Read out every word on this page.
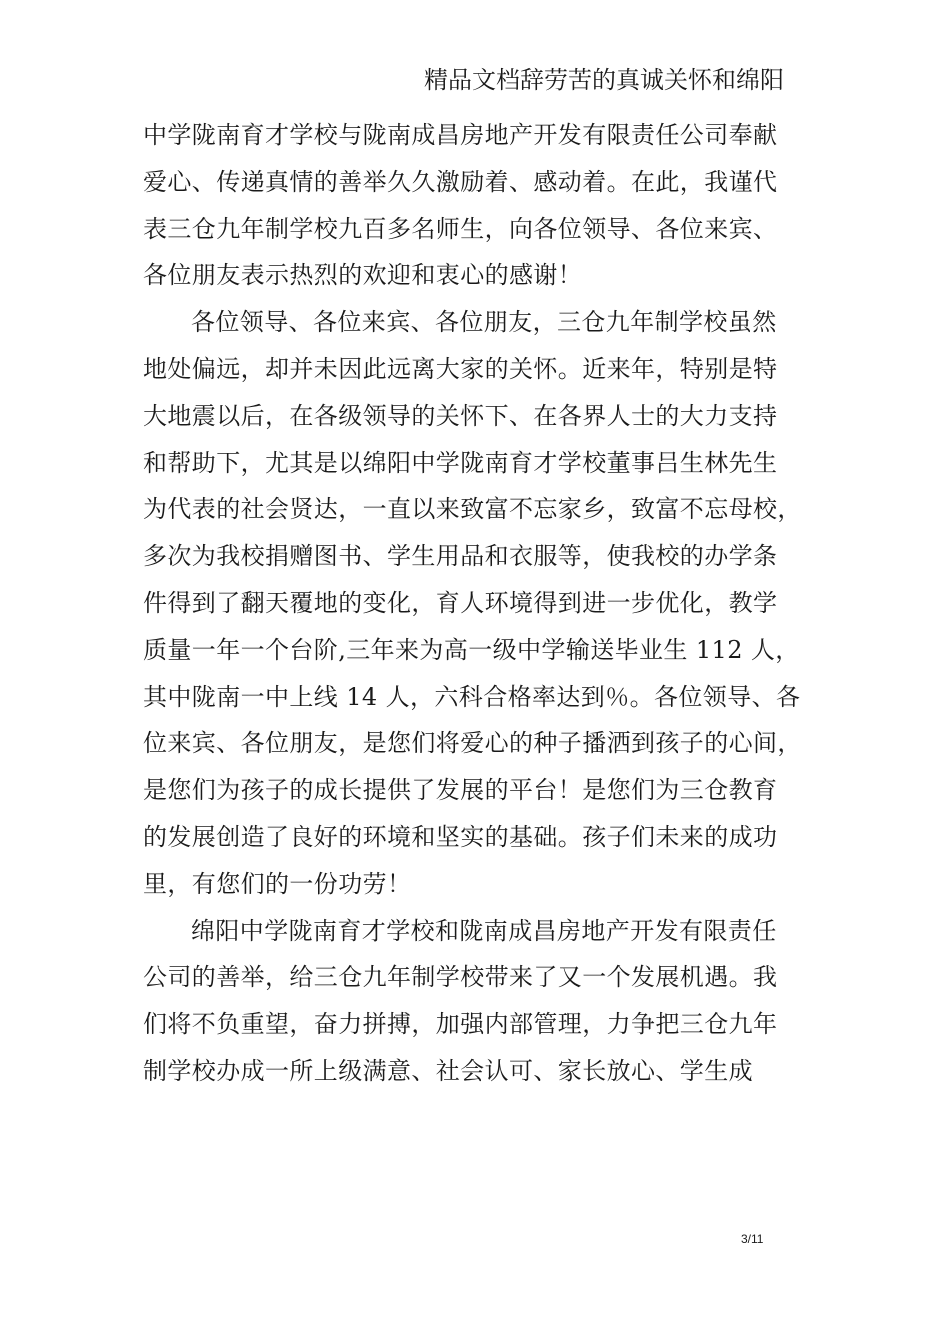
精品文档辞劳苦的真诚关怀和绵阳
中学陇南育才学校与陇南成昌房地产开发有限责任公司奉献
爱心、传递真情的善举久久激励着、感动着。在此，我谨代
表三仓九年制学校九百多名师生，向各位领导、各位来宾、
各位朋友表示热烈的欢迎和衷心的感谢！
各位领导、各位来宾、各位朋友，三仓九年制学校虽然
地处偏远，却并未因此远离大家的关怀。近来年，特别是特
大地震以后，在各级领导的关怀下、在各界人士的大力支持
和帮助下，尤其是以绵阳中学陇南育才学校董事吕生林先生
为代表的社会贤达，一直以来致富不忘家乡，致富不忘母校，
多次为我校捐赠图书、学生用品和衣服等，使我校的办学条
件得到了翻天覆地的变化，育人环境得到进一步优化，教学
质量一年一个台阶,三年来为高一级中学输送毕业生 112 人，
其中陇南一中上线 14 人，六科合格率达到％。各位领导、各
位来宾、各位朋友，是您们将爱心的种子播洒到孩子的心间，
是您们为孩子的成长提供了发展的平台！是您们为三仓教育
的发展创造了良好的环境和坚实的基础。孩子们未来的成功
里，有您们的一份功劳！
绵阳中学陇南育才学校和陇南成昌房地产开发有限责任
公司的善举，给三仓九年制学校带来了又一个发展机遇。我
们将不负重望，奋力拼搏，加强内部管理，力争把三仓九年
制学校办成一所上级满意、社会认可、家长放心、学生成
3/11
